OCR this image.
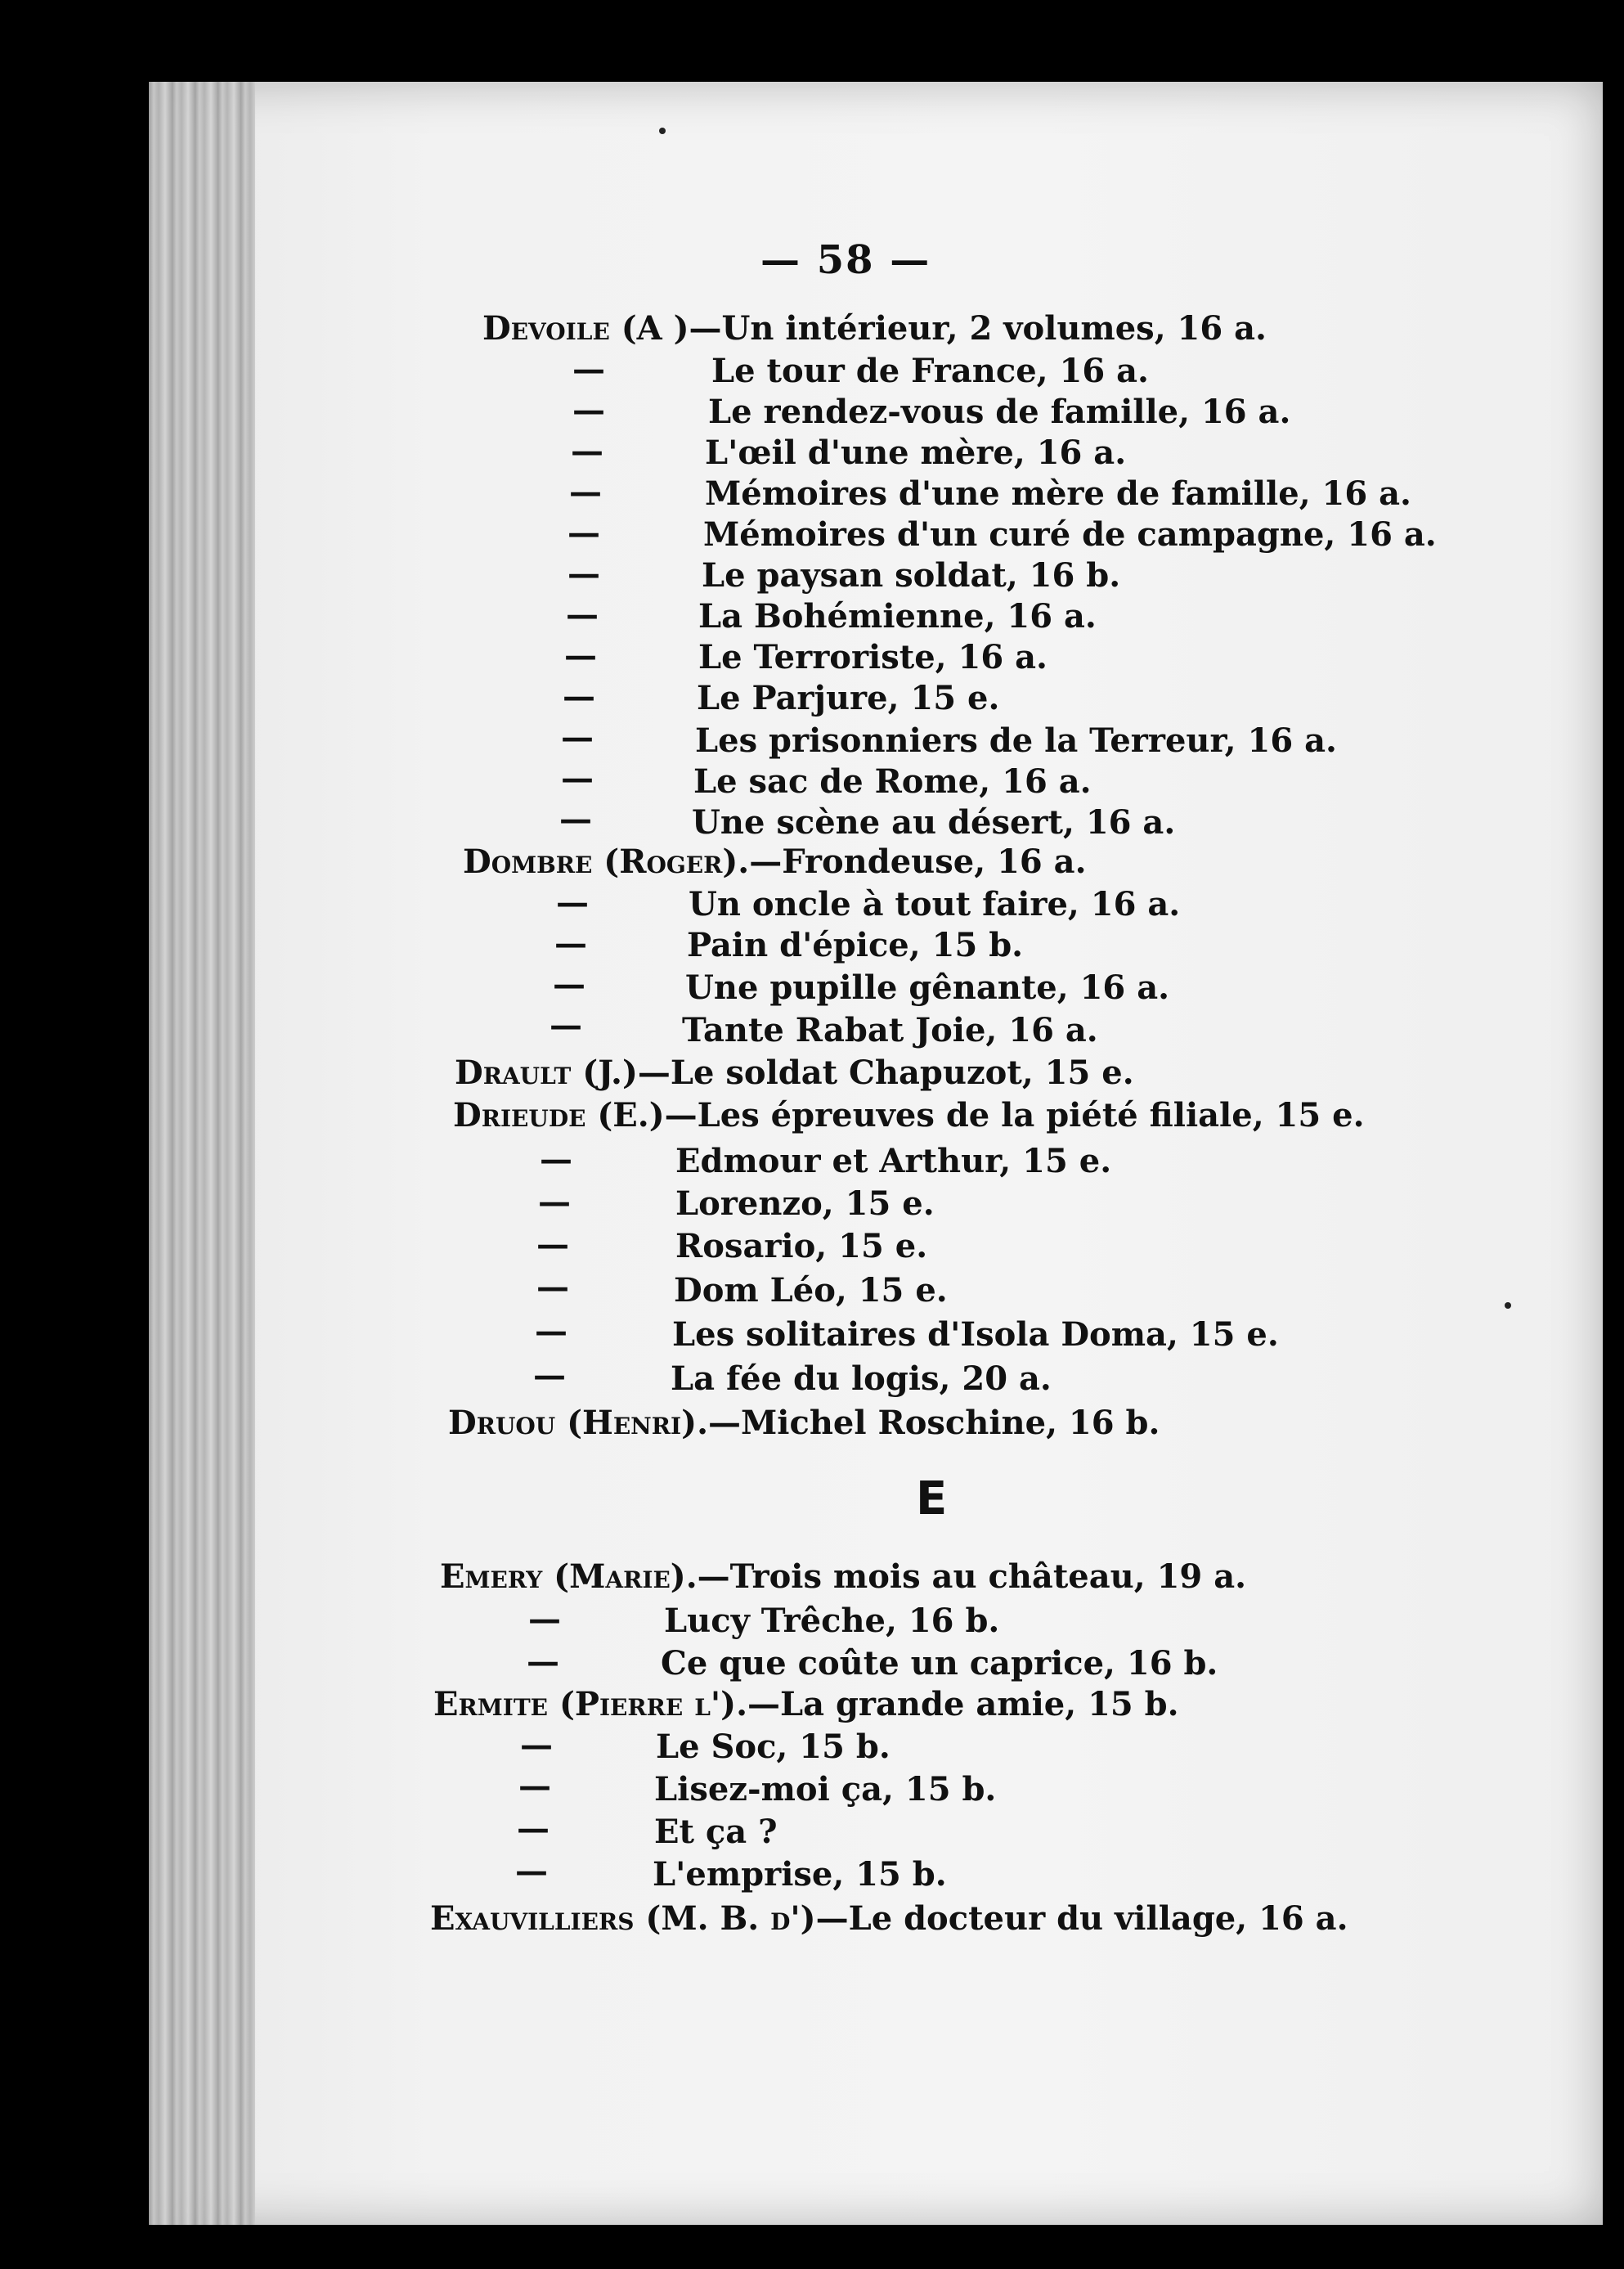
— 58 —
Devoile (A )—Un intérieur, 2 volumes, 16 a.
—	Le tour de France, 16 a.
—	Le rendez-vous de famille, 16 a.
—	L'œil d'une mère, 16 a.
—	Mémoires d'une mère de famille, 16 a.
—	Mémoires d'un curé de campagne, 16 a.
—	Le paysan soldat, 16 b.
—	La Bohémienne, 16 a.
—	Le Terroriste, 16 a.
—	Le Parjure, 15 e.
—	Les prisonniers de la Terreur, 16 a.
—	Le sac de Rome, 16 a.
—	Une scène au désert, 16 a.
Dombre (Roger).—Frondeuse, 16 a.
—	Un oncle à tout faire, 16 a.
—	Pain d'épice, 15 b.
—	Une pupille gênante, 16 a.
—	Tante Rabat Joie, 16 a.
Drault (J.)—Le soldat Chapuzot, 15 e.
Drieude (E.)—Les épreuves de la piété filiale, 15 e.
—	Edmour et Arthur, 15 e.
—	Lorenzo, 15 e.
—	Rosario, 15 e.
—	Dom Léo, 15 e.
—	Les solitaires d'Isola Doma, 15 e.
—	La fée du logis, 20 a.
Druou (Henri).—Michel Roschine, 16 b.
E
Emery (Marie).—Trois mois au château, 19 a.
—	Lucy Trêche, 16 b.
—	Ce que coûte un caprice, 16 b.
Ermite (Pierre l').—La grande amie, 15 b.
—	Le Soc, 15 b.
—	Lisez-moi ça, 15 b.
—	Et ça ?
—	L'emprise, 15 b.
Exauvilliers (M. B. d')—Le docteur du village, 16 a.
